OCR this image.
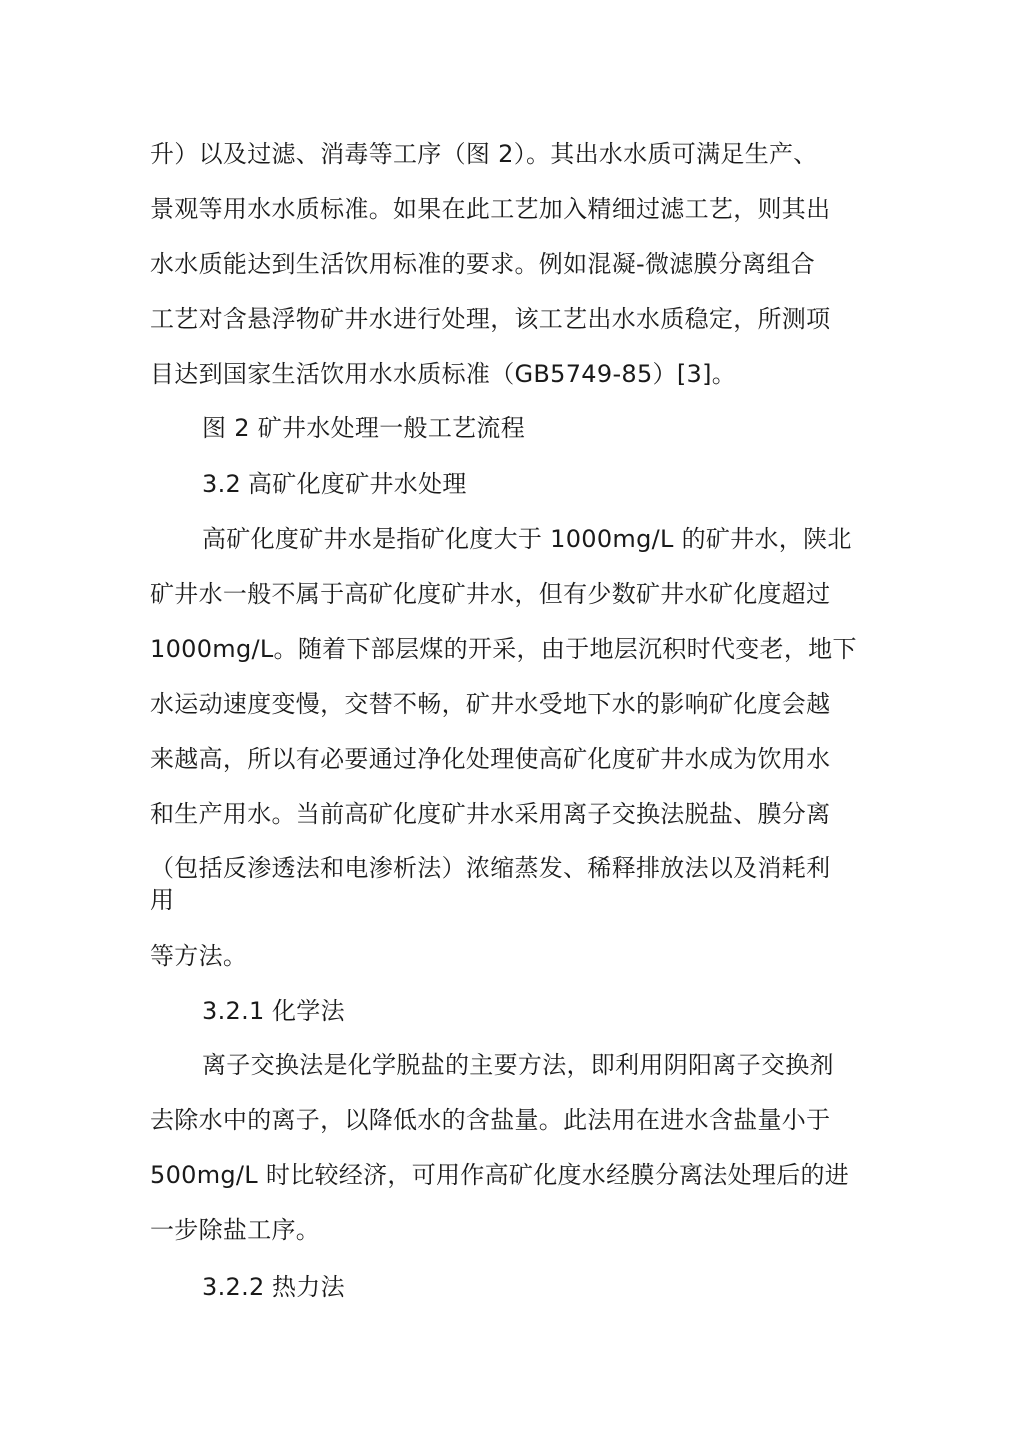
升）以及过滤、消毒等工序（图 2）。其出水水质可满足生产、
景观等用水水质标准。如果在此工艺加入精细过滤工艺，则其出
水水质能达到生活饮用标准的要求。例如混凝-微滤膜分离组合
工艺对含悬浮物矿井水进行处理，该工艺出水水质稳定，所测项
目达到国家生活饮用水水质标准（GB5749-85）[3]。
图 2 矿井水处理一般工艺流程
3.2 高矿化度矿井水处理
高矿化度矿井水是指矿化度大于 1000mg/L 的矿井水，陕北
矿井水一般不属于高矿化度矿井水，但有少数矿井水矿化度超过
1000mg/L。随着下部层煤的开采，由于地层沉积时代变老，地下
水运动速度变慢，交替不畅，矿井水受地下水的影响矿化度会越
来越高，所以有必要通过净化处理使高矿化度矿井水成为饮用水
和生产用水。当前高矿化度矿井水采用离子交换法脱盐、膜分离
（包括反渗透法和电渗析法）浓缩蒸发、稀释排放法以及消耗利
用
等方法。
3.2.1 化学法
离子交换法是化学脱盐的主要方法，即利用阴阳离子交换剂
去除水中的离子，以降低水的含盐量。此法用在进水含盐量小于
500mg/L 时比较经济，可用作高矿化度水经膜分离法处理后的进
一步除盐工序。
3.2.2 热力法
